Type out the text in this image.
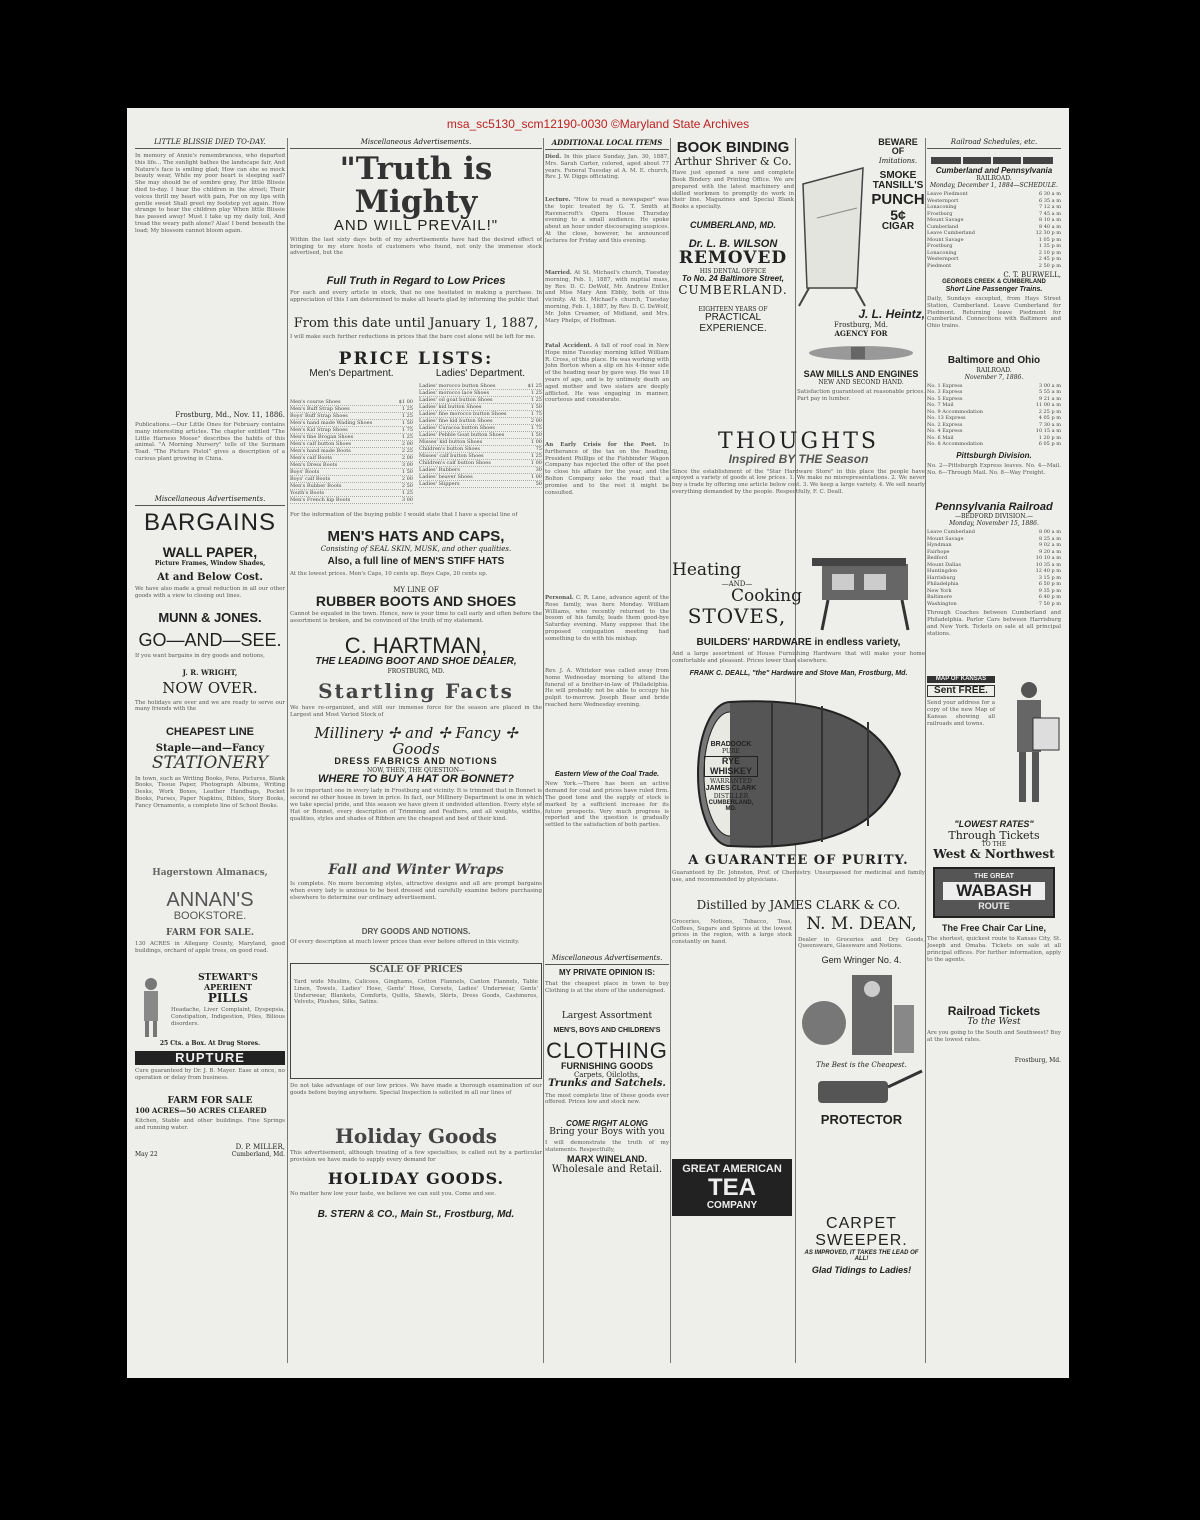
msa_sc5130_scm12190-0030 ©Maryland State Archives
LITTLE BLISSIE DIED TO-DAY.
In memory of Annie's remembrances, who departed this life... The sunlight bathes the landscape fair, And Nature's face is smiling glad; How can she so mock beauty wear, While my poor heart is sleeping sad? She may should be of sombre gray, For little Blissie died to-day. I hear the children in the street; Their voices thrill my heart with pain, For on my lips with gentle sweet Shall greet my footstep yet again. How strange to hear the children play When little Blissie has passed away! Must I take up my daily toil, And tread the weary path alone? Alas! I bend beneath the load; My blossom cannot bloom again.
Frostburg, Md., Nov. 11, 1886.
Publications.—Our Little Ones for February contains many interesting articles. The chapter entitled "The Little Harness Moose" describes the habits of this animal. "A Morning Nursery" tells of the Surinam Toad. "The Picture Pistol" gives a description of a curious plant growing in China.
Miscellaneous Advertisements.
BARGAINS
WALL PAPER,
Picture Frames, Window Shades,
At and Below Cost.
We have also made a great reduction in all our other goods with a view to closing out lines.
MUNN & JONES.
GO—AND—SEE.
If you want bargains in dry goods and notions,
J. R. WRIGHT,
NOW OVER.
The holidays are over and we are ready to serve our many friends with the
CHEAPEST LINE
Staple—and—Fancy
STATIONERY
In town, such as Writing Books, Pens, Pictures, Blank Books, Tissue Paper, Photograph Albums, Writing Desks, Work Boxes, Leather Handbags, Pocket Books, Purses, Paper Napkins, Bibles, Story Books, Fancy Ornaments, a complete line of School Books.
Hagerstown Almanacs,
ANNAN'S
BOOKSTORE.
FARM FOR SALE.
130 ACRES in Allegany County, Maryland, good buildings, orchard of apple trees, on good road.
STEWART'S
APERIENT
PILLS
Headache, Liver Complaint, Dyspepsia, Constipation, Indigestion, Piles, Bilious disorders.
25 Cts. a Box. At Drug Stores.
RUPTURE
Cure guaranteed by Dr. J. B. Mayer. Ease at once, no operation or delay from business.
FARM FOR SALE
100 ACRES—50 ACRES CLEARED
Kitchen, Stable and other buildings. Fine Springs and running water.
D. P. MILLER,
May 22	Cumberland, Md.
Miscellaneous Advertisements.
"Truth is Mighty
AND WILL PREVAIL!"
Within the last sixty days both of my advertisements have had the desired effect of bringing to my store hosts of customers who found, not only the immense stock advertised, but the
Full Truth in Regard to Low Prices
For each and every article in stock, that no one hesitated in making a purchase. In appreciation of this I am determined to make all hearts glad by informing the public that
From this date until January 1, 1887,
I will make such further reductions in prices that the bare cost alone will be left for me.
PRICE LISTS:
Men's Department.
Men's course Shoes	$1 00
Men's Buff Strap Shoes	1 25
Boys' Buff Strap Shoes	1 25
Men's hand made Wading Shoes	1 50
Men's Kid Strap Shoes	1 75
Men's fine Brogan Shoes	1 25
Men's calf button Shoes	2 00
Men's hand made Boots	2 25
Men's calf Boots	2 00
Men's Dress Boots	3 00
Boys' Boots	1 50
Boys' calf Boots	2 00
Men's Rubber Boots	2 50
Youth's Boots	1 25
Men's French kip Boots	3 00
Ladies' Department.
Ladies' morocco button Shoes	$1 25
Ladies' morocco lace Shoes	1 25
Ladies' oil goat button Shoes	1 25
Ladies' kid button Shoes	1 50
Ladies' fine morocco button Shoes	1 75
Ladies' fine kid button Shoes	2 00
Ladies' Curacoa button Shoes	1 75
Ladies' Pebble Goat button Shoes	1 50
Misses' kid button Shoes	1 00
Children's button Shoes	75
Misses' calf button Shoes	1 25
Children's calf button Shoes	1 00
Ladies' Rubbers	30
Ladies' beaver Shoes	1 00
Ladies' Slippers	50
For the information of the buying public I would state that I have a special line of
MEN'S HATS AND CAPS,
Consisting of SEAL SKIN, MUSK, and other qualities.
Also, a full line of MEN'S STIFF HATS
At the lowest prices. Men's Caps, 10 cents up. Boys Caps, 20 cents up.
MY LINE OF
RUBBER BOOTS AND SHOES
Cannot be equaled in the town. Hence, now is your time to call early and often before the assortment is broken, and be convinced of the truth of my statement.
C. HARTMAN,
THE LEADING BOOT AND SHOE DEALER,
FROSTBURG, MD.
Startling Facts
We have re-organized, and still our immense force for the season are placed in the Largest and Most Varied Stock of
Millinery ✢ and ✢ Fancy ✢ Goods
DRESS FABRICS AND NOTIONS
NOW, THEN, THE QUESTION—
WHERE TO BUY A HAT OR BONNET?
Is so important one in every lady in Frostburg and vicinity. It is trimmed that in Bonnet is second no other house in town in price. In fact, our Millinery Department is one in which we take special pride, and this season we have given it undivided attention. Every style of Hat or Bonnet, every description of Trimming and Feathers, and all weights, widths, qualities, styles and shades of Ribbon are the cheapest and best of their kind.
Fall and Winter Wraps
Is complete. No more becoming styles, attractive designs and all are prompt bargains when every lady is anxious to be best dressed and carefully examine before purchasing elsewhere to determine our ordinary advertisement.
DRY GOODS AND NOTIONS.
Of every description at much lower prices than ever before offered in this vicinity.
SCALE OF PRICES
Yard wide Muslins, Calicoes, Ginghams, Cotton Flannels, Canton Flannels, Table Linen, Towels, Ladies' Hose, Gents' Hose, Corsets, Ladies' Underwear, Gents' Underwear, Blankets, Comforts, Quilts, Shawls, Skirts, Dress Goods, Cashmeres, Velvets, Plushes, Silks, Satins.
Do not take advantage of our low prices. We have made a thorough examination of our goods before buying anywhere. Special Inspection is solicited in all our lines of
Holiday Goods
This advertisement, although treating of a few specialties, is called out by a particular provision we have made to supply every demand for
HOLIDAY GOODS.
No matter how low your taste, we believe we can suit you. Come and see.
B. STERN & CO., Main St., Frostburg, Md.
ADDITIONAL LOCAL ITEMS
Died. In this place Sunday, Jan. 30, 1887, Mrs. Sarah Carter, colored, aged about 77 years. Funeral Tuesday at A. M. E. church, Rev. J. W. Diggs officiating.
Lecture. "How to read a newspaper" was the topic treated by G. T. Smith at Ravenscroft's Opera House Thursday evening to a small audience. He spoke about an hour under discouraging auspices. At the close, however, he announced lectures for Friday and this evening.
Married. At St. Michael's church, Tuesday morning, Feb. 1, 1887, with nuptial mass, by Rev. D. C. DeWolf, Mr. Andrew Entler and Miss Mary Ann Ebbly, both of this vicinity. At St. Michael's church, Tuesday morning, Feb. 1, 1887, by Rev. D. C. DeWolf, Mr. John Creamer, of Midland, and Mrs. Mary Phelps, of Hoffman.
Fatal Accident. A fall of roof coal in New Hope mine Tuesday morning killed William R. Cross, of this place. He was working with John Borton when a slip on his 4-inner side of the heading near by gave way. He was 18 years of age, and is by untimely death an aged mother and two sisters are deeply afflicted. He was engaging in manner, courteous and considerate.
An Early Crisis for the Poet. In furtherance of the tax on the Reading, President Phillips of the Fishbinder Wagon Company has rejected the offer of the poet to close his affairs for the year, and the Bolton Company asks the road that a promise and to the rest it might be consulted.
Personal. C. R. Lane, advance agent of the Rose family, was here Monday. William Williams, who recently returned to the bosom of his family, leads them good-bye Saturday evening. Many suppose that the proposed conjugation meeting had something to do with his mishap.
Rev. J. A. Whiteker was called away from home Wednesday morning to attend the funeral of a brother-in-law of Philadelphia. He will probably not be able to occupy his pulpit to-morrow. Joseph Bear and bride reached here Wednesday evening.
Eastern View of the Coal Trade.
New York.—There has been an active demand for coal and prices have ruled firm. The good tone and the supply of stock is marked by a sufficient increase for its future prospects. Very much progress is reported and the question is gradually settled to the satisfaction of both parties.
Miscellaneous Advertisements.
MY PRIVATE OPINION IS:
That the cheapest place in town to buy Clothing is at the store of the undersigned.
Largest Assortment
MEN'S, BOYS AND CHILDREN'S
CLOTHING
FURNISHING GOODS
Carpets, Oilcloths,
Trunks and Satchels.
The most complete line of these goods ever offered. Prices low and stock new.
COME RIGHT ALONG
Bring your Boys with you
I will demonstrate the truth of my statements. Respectfully,
MARX WINELAND.
Wholesale and Retail.
BOOK BINDING
Arthur Shriver & Co.
Have just opened a new and complete Book Bindery and Printing Office. We are prepared with the latest machinery and skilled workmen to promptly do work in their line. Magazines and Special Blank Books a specialty.
CUMBERLAND, MD.
Dr. L. B. WILSON
REMOVED
HIS DENTAL OFFICE
To No. 24 Baltimore Street,
CUMBERLAND.
EIGHTEEN YEARS OF
PRACTICAL EXPERIENCE.
BEWARE OF
Imitations.
SMOKE
TANSILL'S
PUNCH
5¢
CIGAR
J. L. Heintz,
Frostburg, Md.
AGENCY FOR
SAW MILLS AND ENGINES
NEW AND SECOND HAND.
Satisfaction guaranteed at reasonable prices. Part pay in lumber.
THOUGHTS
Inspired BY THE Season
Since the establishment of the "Star Hardware Store" in this place the people have enjoyed a variety of goods at low prices. 1. We make no misrepresentations. 2. We never buy a trade by offering one article below cost. 3. We keep a large variety. 4. We sell nearly everything demanded by the people. Respectfully, F. C. Deall.
Heating
—AND—
Cooking
STOVES,
BUILDERS' HARDWARE in endless variety,
And a large assortment of House Furnishing Hardware that will make your home comfortable and pleasant. Prices lower than elsewhere.
FRANK C. DEALL, "the" Hardware and Stove Man, Frostburg, Md.
BRADDOCK
PURE
RYE WHISKEY
WARRANTED
JAMES CLARK
DISTILLER
CUMBERLAND, MD.
A GUARANTEE OF PURITY.
Guaranteed by Dr. Johnston, Prof. of Chemistry. Unsurpassed for medicinal and family use, and recommended by physicians.
Distilled by JAMES CLARK & CO.
Groceries, Notions, Tobacco, Teas, Coffees, Sugars and Spices at the lowest prices in the region, with a large stock constantly on hand.
GREAT AMERICAN
TEA
COMPANY
N. M. DEAN,
Dealer in Groceries and Dry Goods, Queensware, Glassware and Notions.
Gem Wringer No. 4.
The Best is the Cheapest.
PROTECTOR
CARPET SWEEPER.
AS IMPROVED, IT TAKES THE LEAD OF ALL!
Glad Tidings to Ladies!
Railroad Schedules, etc.
Cumberland and Pennsylvania
RAILROAD.
Monday, December 1, 1884—SCHEDULE.
Leave Piedmont	6 30 a m
Westernport	6 35 a m
Lonaconing	7 12 a m
Frostburg	7 45 a m
Mount Savage	8 10 a m
Cumberland	8 40 a m
Leave Cumberland	12 30 p m
Mount Savage	1 05 p m
Frostburg	1 35 p m
Lonaconing	2 10 p m
Westernport	2 45 p m
Piedmont	2 50 p m
C. T. BURWELL,
GEORGES CREEK & CUMBERLAND
Short Line Passenger Trains.
Daily, Sundays excepted, from Hays Street Station, Cumberland. Leave Cumberland for Piedmont. Returning leave Piedmont for Cumberland. Connections with Baltimore and Ohio trains.
Baltimore and Ohio
RAILROAD.
November 7, 1886.
No. 1 Express	3 00 a m
No. 3 Express	5 55 a m
No. 5 Express	9 21 a m
No. 7 Mail	11 00 a m
No. 9 Accommodation	2 25 p m
No. 13 Express	4 05 p m
No. 2 Express	7 30 a m
No. 4 Express	10 15 a m
No. 6 Mail	1 20 p m
No. 8 Accommodation	6 05 p m
Pittsburgh Division.
No. 2—Pittsburgh Express leaves. No. 4—Mail. No. 6—Through Mail. No. 8—Way Freight.
Pennsylvania Railroad
—BEDFORD DIVISION.—
Monday, November 15, 1886.
Leave Cumberland	8 00 a m
Mount Savage	8 25 a m
Hyndman	9 02 a m
Fairhope	9 20 a m
Bedford	10 10 a m
Mount Dallas	10 35 a m
Huntingdon	12 40 p m
Harrisburg	3 15 p m
Philadelphia	6 50 p m
New York	9 35 p m
Baltimore	6 40 p m
Washington	7 50 p m
Through Coaches between Cumberland and Philadelphia. Parlor Cars between Harrisburg and New York. Tickets on sale at all principal stations.
MAP OF KANSAS
Sent FREE.
Send your address for a copy of the new Map of Kansas showing all railroads and towns.
"LOWEST RATES"
Through Tickets
TO THE
West & Northwest
THE GREAT
WABASH
ROUTE
The Free Chair Car Line,
The shortest, quickest route to Kansas City, St. Joseph and Omaha. Tickets on sale at all principal offices. For further information, apply to the agents.
Railroad Tickets
To the West
Are you going to the South and Southwest? Buy at the lowest rates.
Frostburg, Md.
